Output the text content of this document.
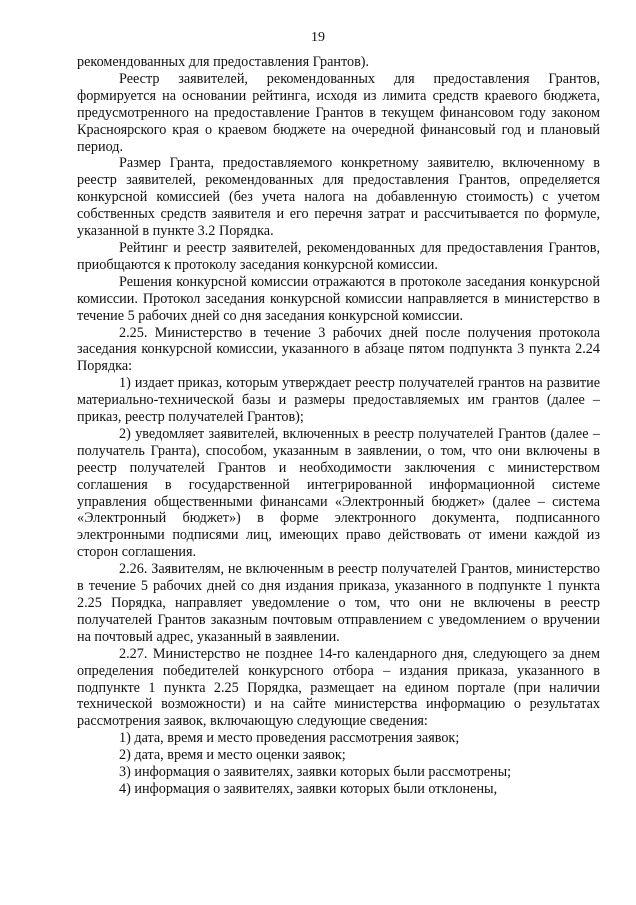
19

рекомендованных для предоставления Грантов).

Реестр заявителей, рекомендованных для предоставления Грантов, формируется на основании рейтинга, исходя из лимита средств краевого бюджета, предусмотренного на предоставление Грантов в текущем финансовом году законом Красноярского края о краевом бюджете на очередной финансовый год и плановый период.

Размер Гранта, предоставляемого конкретному заявителю, включенному в реестр заявителей, рекомендованных для предоставления Грантов, определяется конкурсной комиссией (без учета налога на добавленную стоимость) с учетом собственных средств заявителя и его перечня затрат и рассчитывается по формуле, указанной в пункте 3.2 Порядка.

Рейтинг и реестр заявителей, рекомендованных для предоставления Грантов, приобщаются к протоколу заседания конкурсной комиссии.

Решения конкурсной комиссии отражаются в протоколе заседания конкурсной комиссии. Протокол заседания конкурсной комиссии направляется в министерство в течение 5 рабочих дней со дня заседания конкурсной комиссии.

2.25. Министерство в течение 3 рабочих дней после получения протокола заседания конкурсной комиссии, указанного в абзаце пятом подпункта 3 пункта 2.24 Порядка:

1) издает приказ, которым утверждает реестр получателей грантов на развитие материально-технической базы и размеры предоставляемых им грантов (далее – приказ, реестр получателей Грантов);

2) уведомляет заявителей, включенных в реестр получателей Грантов (далее – получатель Гранта), способом, указанным в заявлении, о том, что они включены в реестр получателей Грантов и необходимости заключения с министерством соглашения в государственной интегрированной информационной системе управления общественными финансами «Электронный бюджет» (далее – система «Электронный бюджет») в форме электронного документа, подписанного электронными подписями лиц, имеющих право действовать от имени каждой из сторон соглашения.

2.26. Заявителям, не включенным в реестр получателей Грантов, министерство в течение 5 рабочих дней со дня издания приказа, указанного в подпункте 1 пункта 2.25 Порядка, направляет уведомление о том, что они не включены в реестр получателей Грантов заказным почтовым отправлением с уведомлением о вручении на почтовый адрес, указанный в заявлении.

2.27. Министерство не позднее 14-го календарного дня, следующего за днем определения победителей конкурсного отбора – издания приказа, указанного в подпункте 1 пункта 2.25 Порядка, размещает на едином портале (при наличии технической возможности) и на сайте министерства информацию о результатах рассмотрения заявок, включающую следующие сведения:

1) дата, время и место проведения рассмотрения заявок;

2) дата, время и место оценки заявок;

3) информация о заявителях, заявки которых были рассмотрены;

4) информация о заявителях, заявки которых были отклонены,
